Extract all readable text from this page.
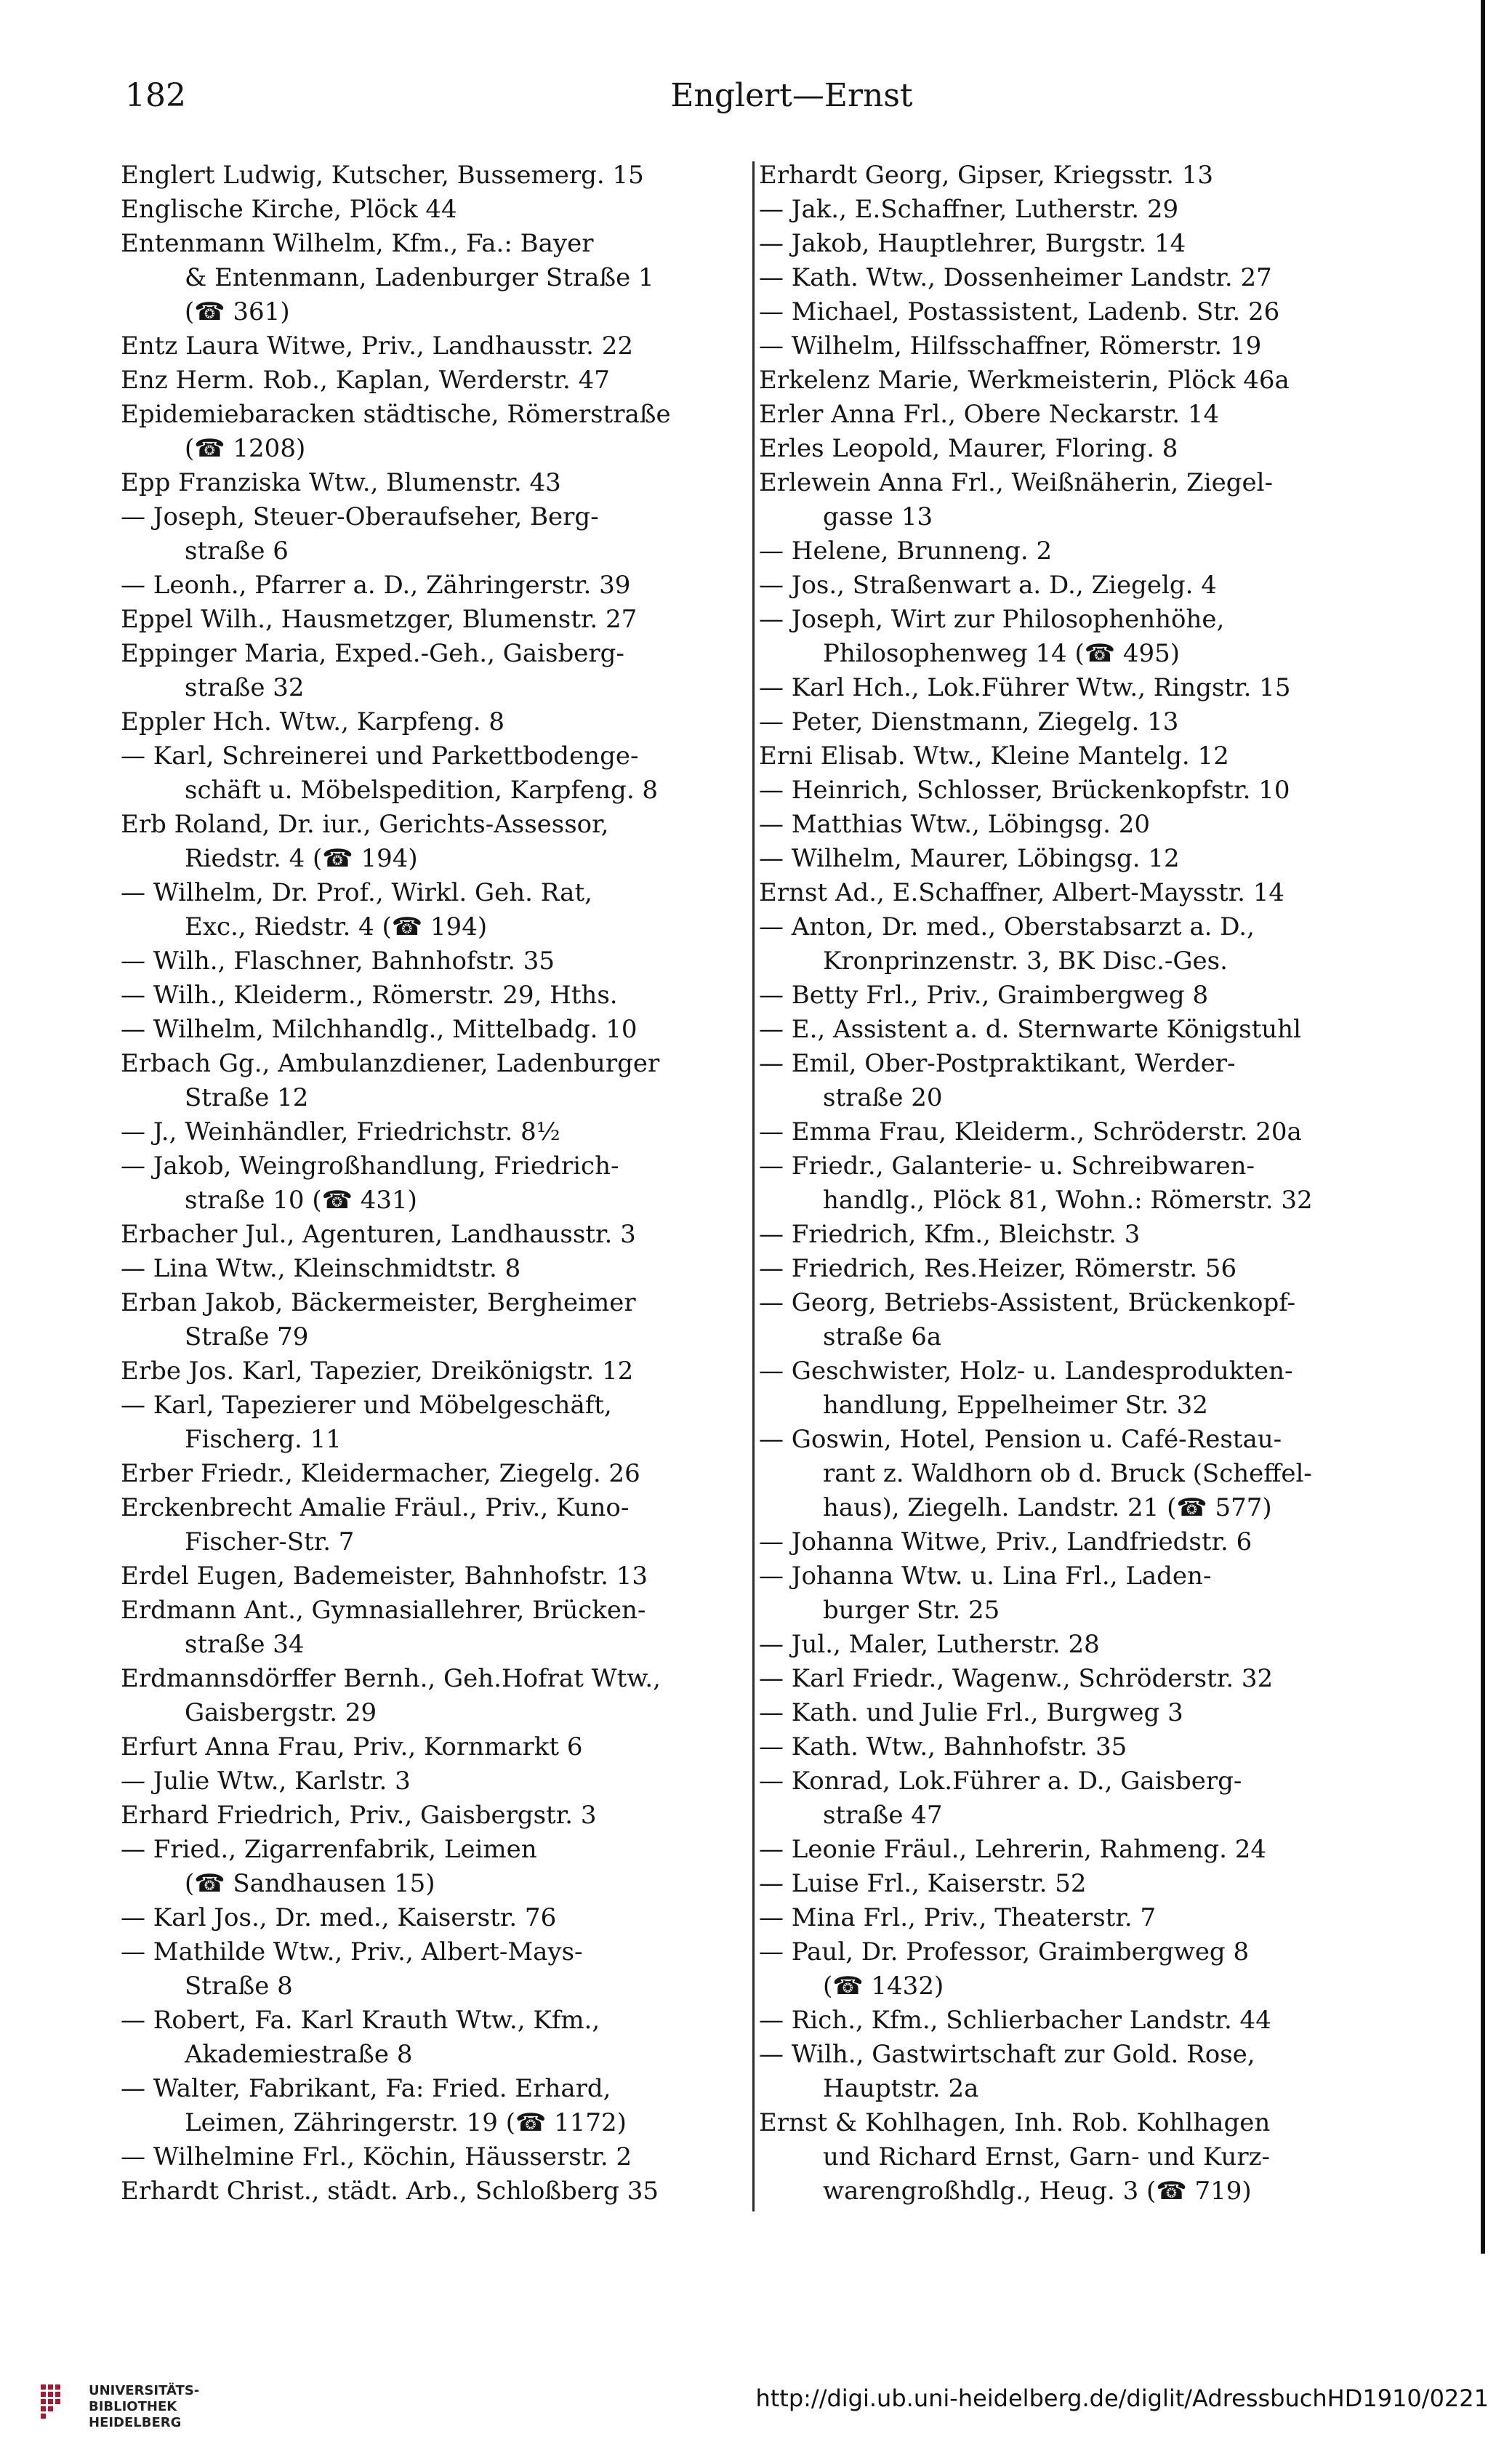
182	Englert—Ernst
Englert Ludwig, Kutscher, Bussemerg. 15
Englische Kirche, Plöck 44
Entenmann Wilhelm, Kfm., Fa.: Bayer
& Entenmann, Ladenburger Straße 1
(☎ 361)
Entz Laura Witwe, Priv., Landhausstr. 22
Enz Herm. Rob., Kaplan, Werderstr. 47
Epidemiebaracken städtische, Römerstraße
(☎ 1208)
Epp Franziska Wtw., Blumenstr. 43
— Joseph, Steuer-Oberaufseher, Berg-
straße 6
— Leonh., Pfarrer a. D., Zähringerstr. 39
Eppel Wilh., Hausmetzger, Blumenstr. 27
Eppinger Maria, Exped.-Geh., Gaisberg-
straße 32
Eppler Hch. Wtw., Karpfeng. 8
— Karl, Schreinerei und Parkettbodenge-
schäft u. Möbelspedition, Karpfeng. 8
Erb Roland, Dr. iur., Gerichts-Assessor,
Riedstr. 4 (☎ 194)
— Wilhelm, Dr. Prof., Wirkl. Geh. Rat,
Exc., Riedstr. 4 (☎ 194)
— Wilh., Flaschner, Bahnhofstr. 35
— Wilh., Kleiderm., Römerstr. 29, Hths.
— Wilhelm, Milchhandlg., Mittelbadg. 10
Erbach Gg., Ambulanzdiener, Ladenburger
Straße 12
— J., Weinhändler, Friedrichstr. 8½
— Jakob, Weingroßhandlung, Friedrich-
straße 10 (☎ 431)
Erbacher Jul., Agenturen, Landhausstr. 3
— Lina Wtw., Kleinschmidtstr. 8
Erban Jakob, Bäckermeister, Bergheimer
Straße 79
Erbe Jos. Karl, Tapezier, Dreikönigstr. 12
— Karl, Tapezierer und Möbelgeschäft,
Fischerg. 11
Erber Friedr., Kleidermacher, Ziegelg. 26
Erckenbrecht Amalie Fräul., Priv., Kuno-
Fischer-Str. 7
Erdel Eugen, Bademeister, Bahnhofstr. 13
Erdmann Ant., Gymnasiallehrer, Brücken-
straße 34
Erdmannsdörffer Bernh., Geh.Hofrat Wtw.,
Gaisbergstr. 29
Erfurt Anna Frau, Priv., Kornmarkt 6
— Julie Wtw., Karlstr. 3
Erhard Friedrich, Priv., Gaisbergstr. 3
— Fried., Zigarrenfabrik, Leimen
(☎ Sandhausen 15)
— Karl Jos., Dr. med., Kaiserstr. 76
— Mathilde Wtw., Priv., Albert-Mays-
Straße 8
— Robert, Fa. Karl Krauth Wtw., Kfm.,
Akademiestraße 8
— Walter, Fabrikant, Fa: Fried. Erhard,
Leimen, Zähringerstr. 19 (☎ 1172)
— Wilhelmine Frl., Köchin, Häusserstr. 2
Erhardt Christ., städt. Arb., Schloßberg 35
Erhardt Georg, Gipser, Kriegsstr. 13
— Jak., E.Schaffner, Lutherstr. 29
— Jakob, Hauptlehrer, Burgstr. 14
— Kath. Wtw., Dossenheimer Landstr. 27
— Michael, Postassistent, Ladenb. Str. 26
— Wilhelm, Hilfsschaffner, Römerstr. 19
Erkelenz Marie, Werkmeisterin, Plöck 46a
Erler Anna Frl., Obere Neckarstr. 14
Erles Leopold, Maurer, Floring. 8
Erlewein Anna Frl., Weißnäherin, Ziegel-
gasse 13
— Helene, Brunneng. 2
— Jos., Straßenwart a. D., Ziegelg. 4
— Joseph, Wirt zur Philosophenhöhe,
Philosophenweg 14 (☎ 495)
— Karl Hch., Lok.Führer Wtw., Ringstr. 15
— Peter, Dienstmann, Ziegelg. 13
Erni Elisab. Wtw., Kleine Mantelg. 12
— Heinrich, Schlosser, Brückenkopfstr. 10
— Matthias Wtw., Löbingsg. 20
— Wilhelm, Maurer, Löbingsg. 12
Ernst Ad., E.Schaffner, Albert-Maysstr. 14
— Anton, Dr. med., Oberstabsarzt a. D.,
Kronprinzenstr. 3, BK Disc.-Ges.
— Betty Frl., Priv., Graimbergweg 8
— E., Assistent a. d. Sternwarte Königstuhl
— Emil, Ober-Postpraktikant, Werder-
straße 20
— Emma Frau, Kleiderm., Schröderstr. 20a
— Friedr., Galanterie- u. Schreibwaren-
handlg., Plöck 81, Wohn.: Römerstr. 32
— Friedrich, Kfm., Bleichstr. 3
— Friedrich, Res.Heizer, Römerstr. 56
— Georg, Betriebs-Assistent, Brückenkopf-
straße 6a
— Geschwister, Holz- u. Landesprodukten-
handlung, Eppelheimer Str. 32
— Goswin, Hotel, Pension u. Café-Restau-
rant z. Waldhorn ob d. Bruck (Scheffel-
haus), Ziegelh. Landstr. 21 (☎ 577)
— Johanna Witwe, Priv., Landfriedstr. 6
— Johanna Wtw. u. Lina Frl., Laden-
burger Str. 25
— Jul., Maler, Lutherstr. 28
— Karl Friedr., Wagenw., Schröderstr. 32
— Kath. und Julie Frl., Burgweg 3
— Kath. Wtw., Bahnhofstr. 35
— Konrad, Lok.Führer a. D., Gaisberg-
straße 47
— Leonie Fräul., Lehrerin, Rahmeng. 24
— Luise Frl., Kaiserstr. 52
— Mina Frl., Priv., Theaterstr. 7
— Paul, Dr. Professor, Graimbergweg 8
(☎ 1432)
— Rich., Kfm., Schlierbacher Landstr. 44
— Wilh., Gastwirtschaft zur Gold. Rose,
Hauptstr. 2a
Ernst & Kohlhagen, Inh. Rob. Kohlhagen
und Richard Ernst, Garn- und Kurz-
warengroßhdlg., Heug. 3 (☎ 719)
UNIVERSITÄTS-
BIBLIOTHEK
HEIDELBERG
http://digi.ub.uni-heidelberg.de/diglit/AdressbuchHD1910/0221
